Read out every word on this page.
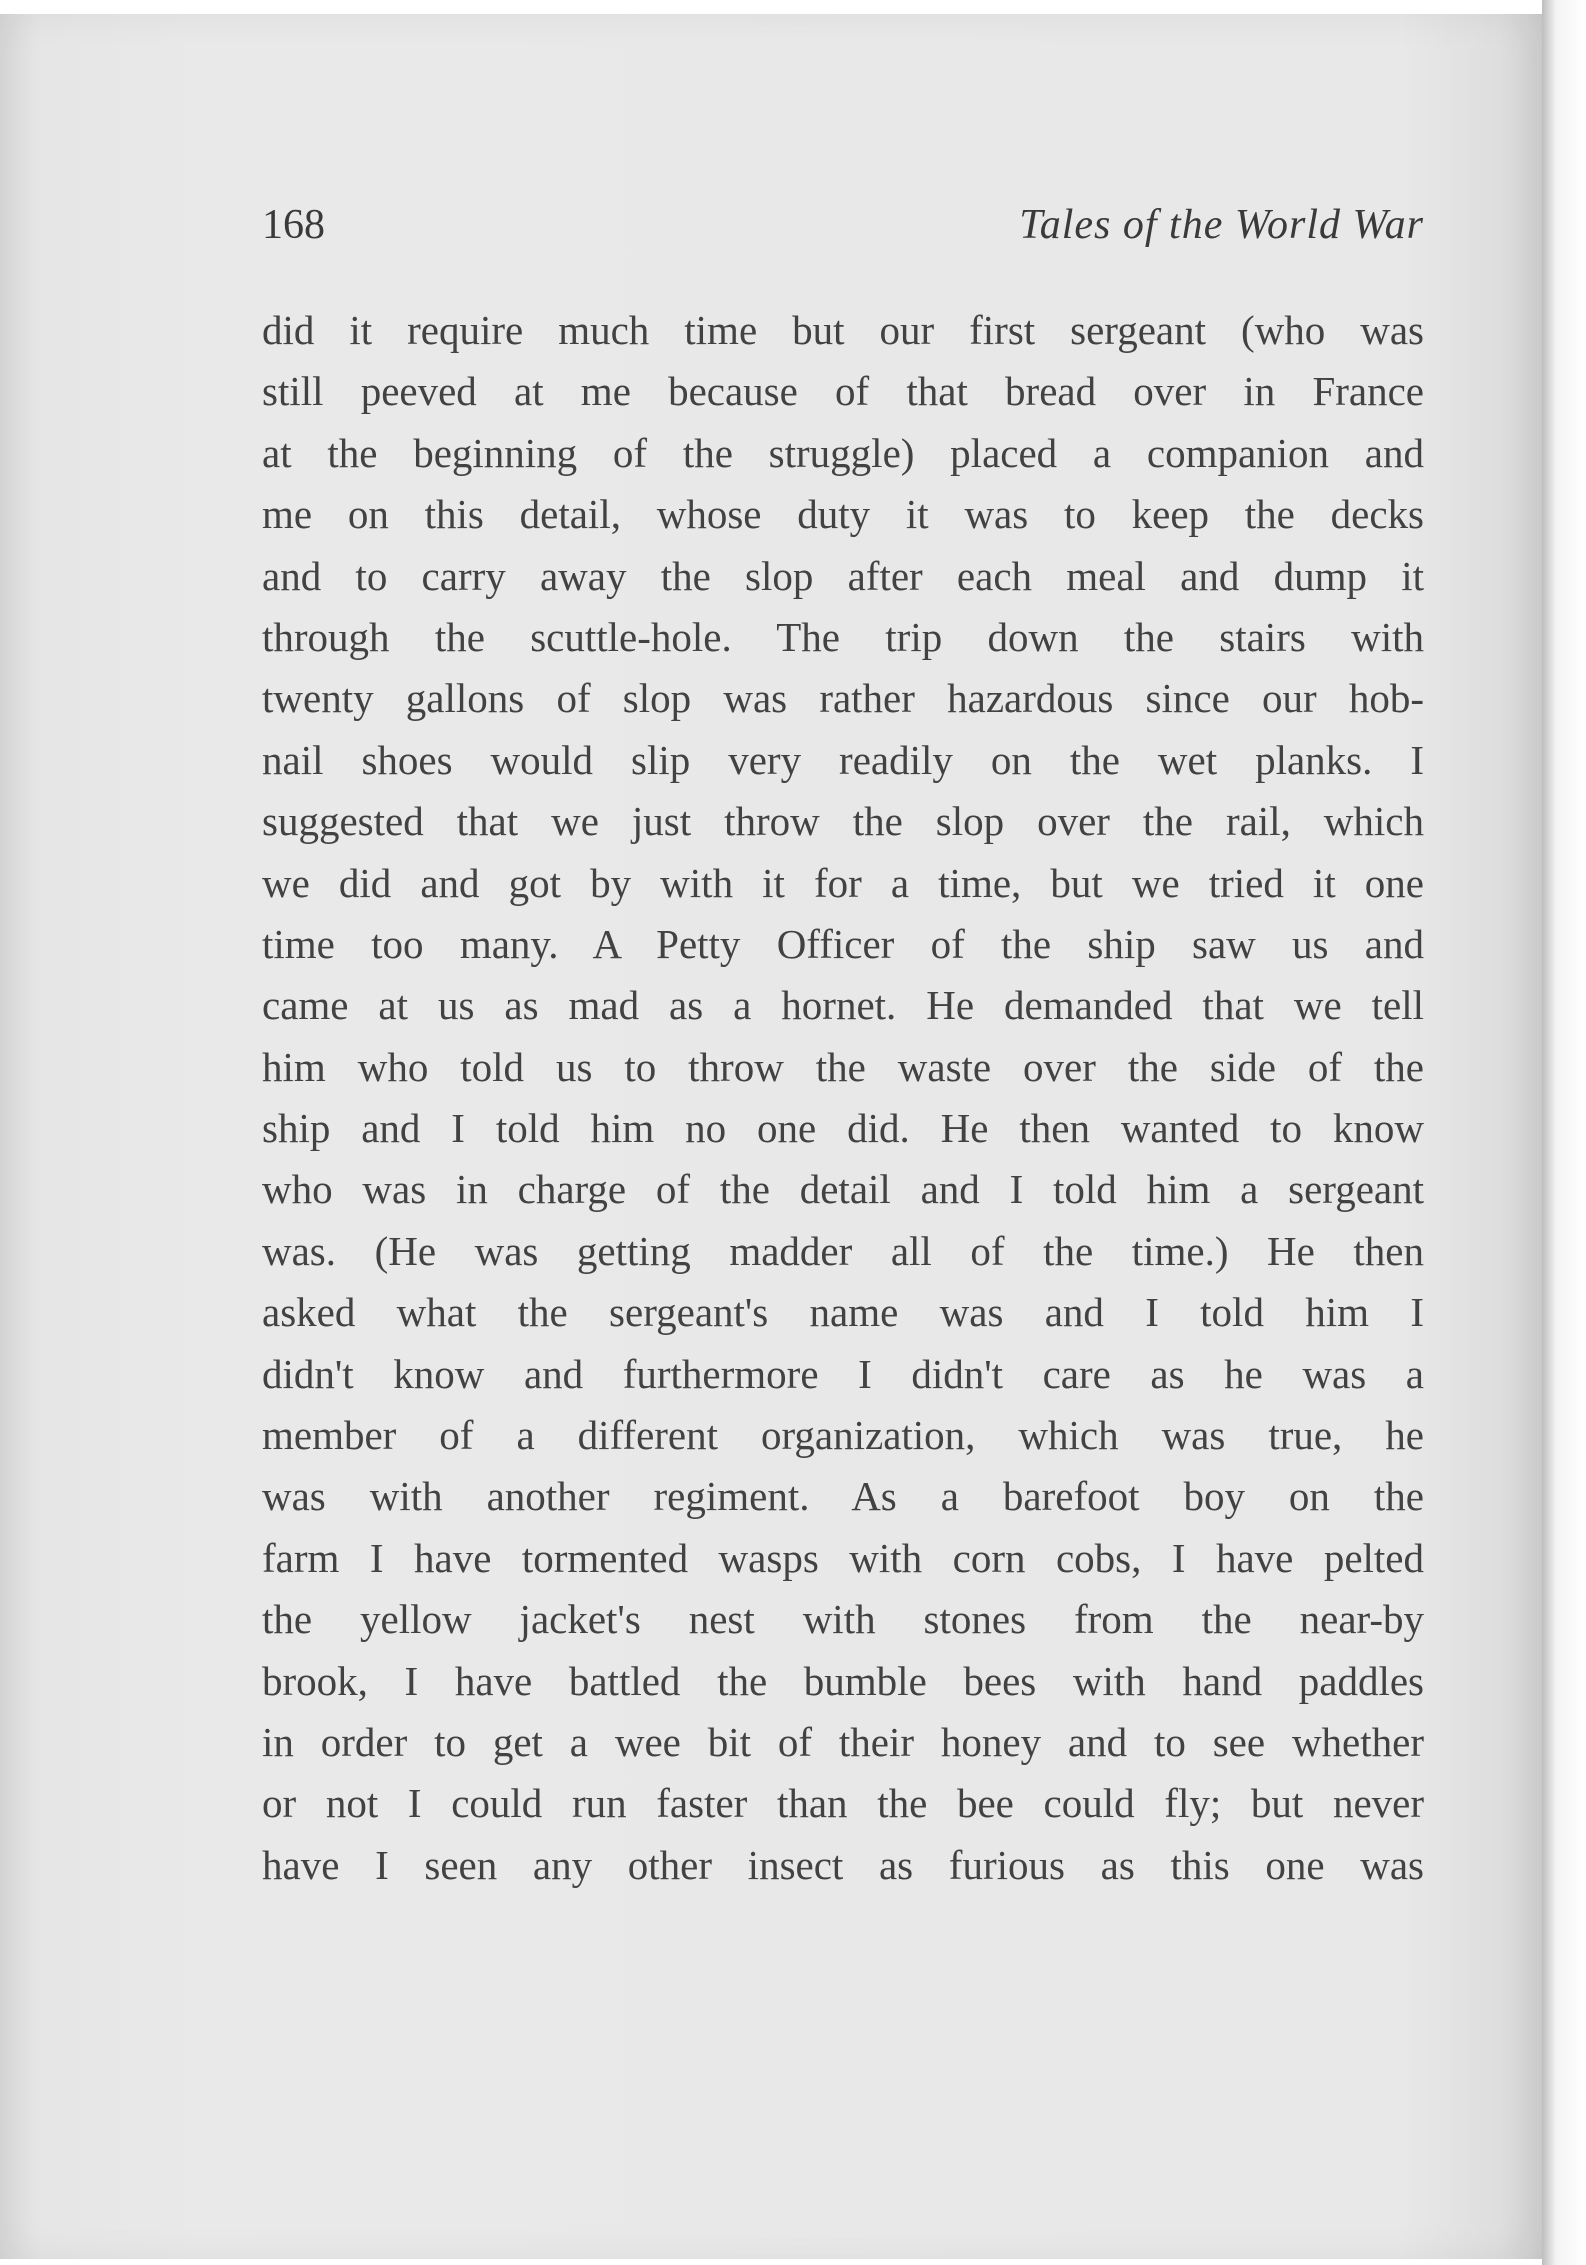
168	Tales of the World War
did it require much time but our first sergeant (who was
still peeved at me because of that bread over in France
at the beginning of the struggle) placed a companion and
me on this detail, whose duty it was to keep the decks
and to carry away the slop after each meal and dump it
through the scuttle-hole. The trip down the stairs with
twenty gallons of slop was rather hazardous since our hob-
nail shoes would slip very readily on the wet planks. I
suggested that we just throw the slop over the rail, which
we did and got by with it for a time, but we tried it one
time too many. A Petty Officer of the ship saw us and
came at us as mad as a hornet. He demanded that we tell
him who told us to throw the waste over the side of the
ship and I told him no one did. He then wanted to know
who was in charge of the detail and I told him a sergeant
was. (He was getting madder all of the time.) He then
asked what the sergeant's name was and I told him I
didn't know and furthermore I didn't care as he was a
member of a different organization, which was true, he
was with another regiment. As a barefoot boy on the
farm I have tormented wasps with corn cobs, I have pelted
the yellow jacket's nest with stones from the near-by
brook, I have battled the bumble bees with hand paddles
in order to get a wee bit of their honey and to see whether
or not I could run faster than the bee could fly; but never
have I seen any other insect as furious as this one was
